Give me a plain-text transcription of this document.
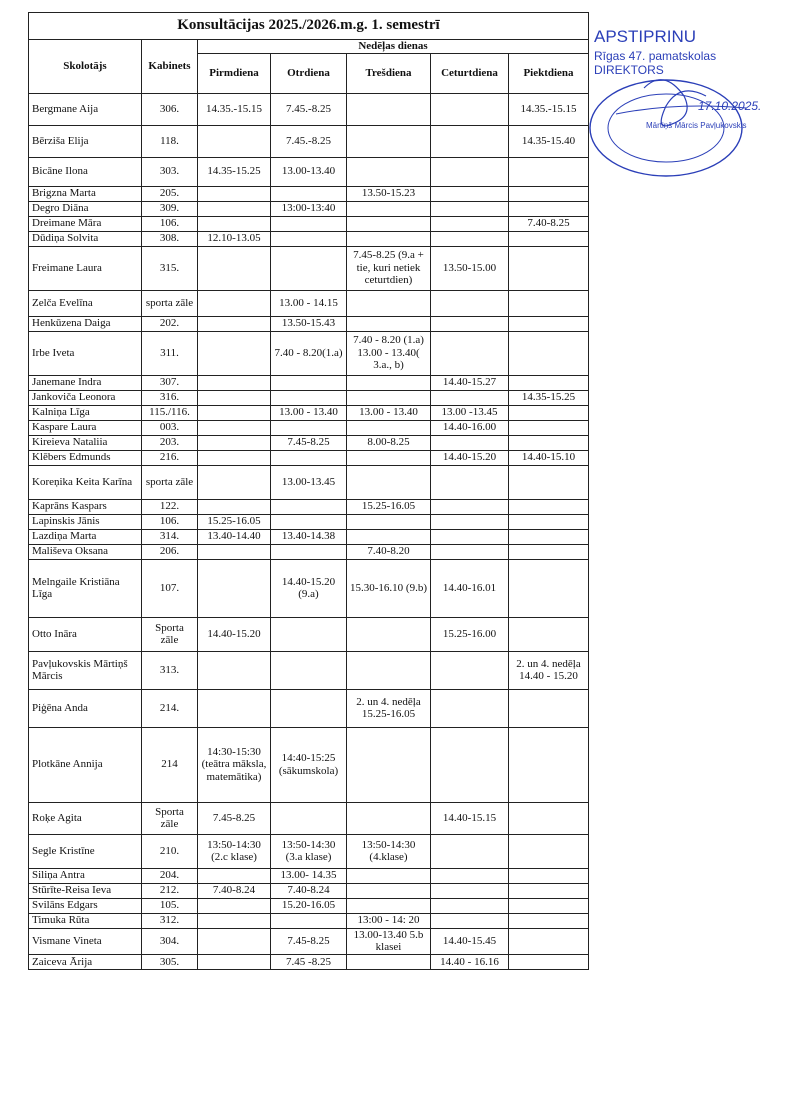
Konsultācijas 2025./2026.m.g. 1. semestrī						
Skolotājs	Kabinets	Nedēļas dienas				
		Pirmdiena	Otrdiena	Trešdiena	Ceturtdiena	Piektdiena
Bergmane Aija	306.	14.35.-15.15	7.45.-8.25			14.35.-15.15
Bērziša Elija	118.		7.45.-8.25			14.35-15.40
Bicāne Ilona	303.	14.35-15.25	13.00-13.40			
Brigzna Marta	205.			13.50-15.23		
Degro Diāna	309.		13:00-13:40			
Dreimane Māra	106.					7.40-8.25
Dūdiņa Solvita	308.	12.10-13.05				
Freimane Laura	315.			7.45-8.25 (9.a + tie, kuri netiek ceturtdien)	13.50-15.00	
Zelča Evelīna	sporta zāle		13.00 - 14.15			
Henkūzena Daiga	202.		13.50-15.43			
Irbe Iveta	311.		7.40 - 8.20(1.a)	7.40 - 8.20 (1.a) 13.00 - 13.40( 3.a., b)		
Janemane Indra	307.				14.40-15.27	
Jankoviča Leonora	316.					14.35-15.25
Kalniņa Līga	115./116.		13.00 - 13.40	13.00 - 13.40	13.00 -13.45	
Kaspare Laura	003.				14.40-16.00	
Kireieva Nataliia	203.		7.45-8.25	8.00-8.25		
Klēbers Edmunds	216.				14.40-15.20	14.40-15.10
Koreņika Keita Karīna	sporta zāle		13.00-13.45			
Kaprāns Kaspars	122.			15.25-16.05		
Lapinskis Jānis	106.	15.25-16.05				
Lazdiņa Marta	314.	13.40-14.40	13.40-14.38			
Mališeva Oksana	206.			7.40-8.20		
Melngaile Kristiāna Līga	107.		14.40-15.20 (9.a)	15.30-16.10 (9.b)	14.40-16.01	
Otto Ināra	Sporta zāle	14.40-15.20			15.25-16.00	
Pavļukovskis Mārtiņš Mārcis	313.					2. un 4. nedēļa 14.40 - 15.20
Piģēna Anda	214.			2. un 4. nedēļa 15.25-16.05		
Plotkāne Annija	214	14:30-15:30 (teātra māksla, matemātika)	14:40-15:25 (sākumskola)			
Roķe Agita	Sporta zāle	7.45-8.25			14.40-15.15	
Segle Kristīne	210.	13:50-14:30 (2.c klase)	13:50-14:30 (3.a klase)	13:50-14:30 (4.klase)		
Siliņa Antra	204.		13.00- 14.35			
Stūrīte-Reisa Ieva	212.	7.40-8.24	7.40-8.24			
Svilāns Edgars	105.		15.20-16.05			
Timuka Rūta	312.			13:00 - 14: 20		
Vismane Vineta	304.		7.45-8.25	13.00-13.40 5.b klasei	14.40-15.45	
Zaiceva Ārija	305.		7.45 -8.25		14.40 - 16.16	
APSTIPRINU
Rīgas 47. pamatskolas
DIREKTORS
17.10.2025.
Mārtiņš Mārcis Pavļukovskis
